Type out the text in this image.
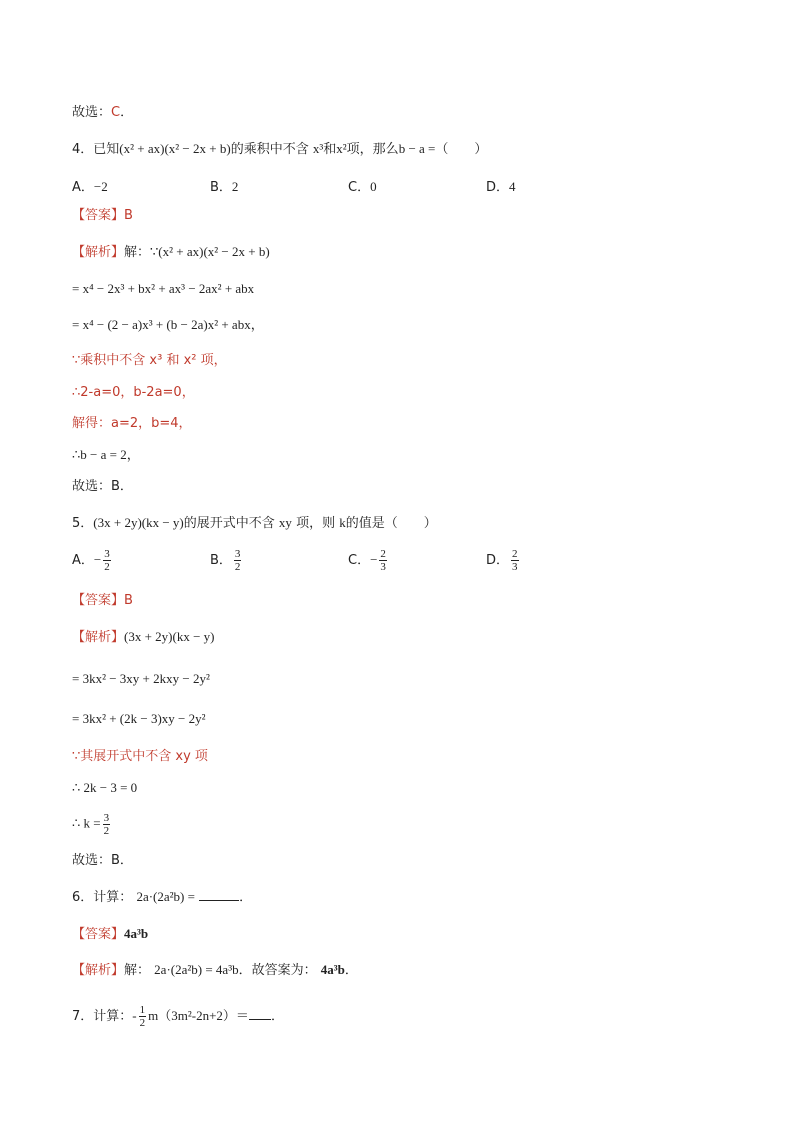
故选：C．
4．已知(x² + ax)(x² − 2x + b)的乘积中不含 x³和x²项，那么b − a =（　　）
A．−2	B．2	C．0	D．4
【答案】B
【解析】解：∵(x² + ax)(x² − 2x + b)
= x⁴ − 2x³ + bx² + ax³ − 2ax² + abx
= x⁴ − (2 − a)x³ + (b − 2a)x² + abx，
∵乘积中不含 x³ 和 x² 项，
∴2-a=0，b-2a=0，
解得：a=2，b=4，
∴b − a = 2，
故选：B．
5．(3x + 2y)(kx − y)的展开式中不含 xy 项，则 k的值是（　　）
A．− $\frac{3}{2}$	B． $\frac{3}{2}$	C．− $\frac{2}{3}$	D． $\frac{2}{3}$
【答案】B
【解析】(3x + 2y)(kx − y)
= 3kx² − 3xy + 2kxy − 2y²
= 3kx² + (2k − 3)xy − 2y²
∵其展开式中不含 xy 项
∴ 2k − 3 = 0
∴ $k = \frac{3}{2}$
故选：B．
6．计算： 2a·(2a²b) =	．
【答案】4a³b
【解析】解： 2a·(2a²b) = 4a³b．故答案为： 4a³b．
7．计算：- $\frac{1}{2} m(3m^2-2n+2)=$ ．
